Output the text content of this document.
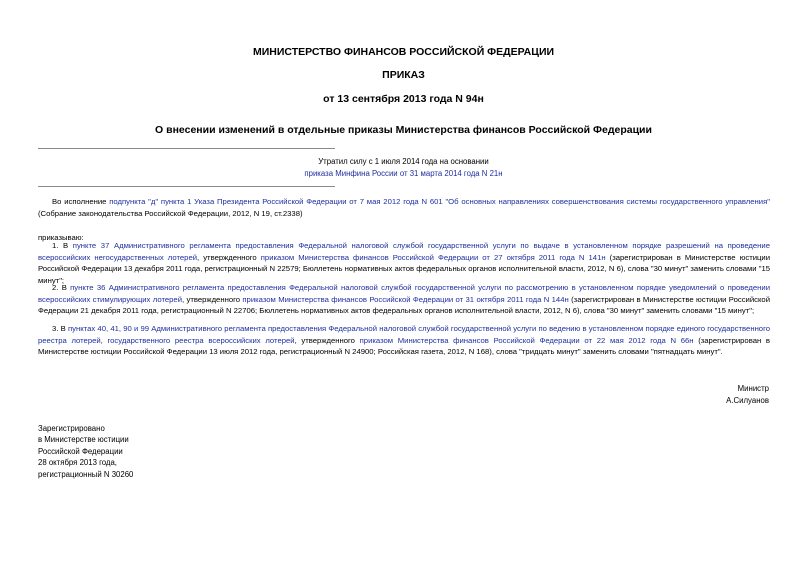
МИНИСТЕРСТВО ФИНАНСОВ РОССИЙСКОЙ ФЕДЕРАЦИИ
ПРИКАЗ
от 13 сентября 2013 года N 94н
О внесении изменений в отдельные приказы Министерства финансов Российской Федерации
Утратил силу с 1 июля 2014 года на основании
приказа Минфина России от 31 марта 2014 года N 21н
Во исполнение подпункта "д" пункта 1 Указа Президента Российской Федерации от 7 мая 2012 года N 601 "Об основных направлениях совершенствования системы государственного управления" (Собрание законодательства Российской Федерации, 2012, N 19, ст.2338)
приказываю:
1. В пункте 37 Административного регламента предоставления Федеральной налоговой службой государственной услуги по выдаче в установленном порядке разрешений на проведение всероссийских негосударственных лотерей, утвержденного приказом Министерства финансов Российской Федерации от 27 октября 2011 года N 141н (зарегистрирован в Министерстве юстиции Российской Федерации 13 декабря 2011 года, регистрационный N 22579; Бюллетень нормативных актов федеральных органов исполнительной власти, 2012, N 6), слова "30 минут" заменить словами "15 минут";
2. В пункте 36 Административного регламента предоставления Федеральной налоговой службой государственной услуги по рассмотрению в установленном порядке уведомлений о проведении всероссийских стимулирующих лотерей, утвержденного приказом Министерства финансов Российской Федерации от 31 октября 2011 года N 144н (зарегистрирован в Министерстве юстиции Российской Федерации 21 декабря 2011 года, регистрационный N 22706; Бюллетень нормативных актов федеральных органов исполнительной власти, 2012, N 6), слова "30 минут" заменить словами "15 минут";
3. В пунктах 40, 41, 90 и 99 Административного регламента предоставления Федеральной налоговой службой государственной услуги по ведению в установленном порядке единого государственного реестра лотерей, государственного реестра всероссийских лотерей, утвержденного приказом Министерства финансов Российской Федерации от 22 мая 2012 года N 66н (зарегистрирован в Министерстве юстиции Российской Федерации 13 июля 2012 года, регистрационный N 24900; Российская газета, 2012, N 168), слова "тридцать минут" заменить словами "пятнадцать минут".
Министр
А.Силуанов
Зарегистрировано
в Министерстве юстиции
Российской Федерации
28 октября 2013 года,
регистрационный N 30260
